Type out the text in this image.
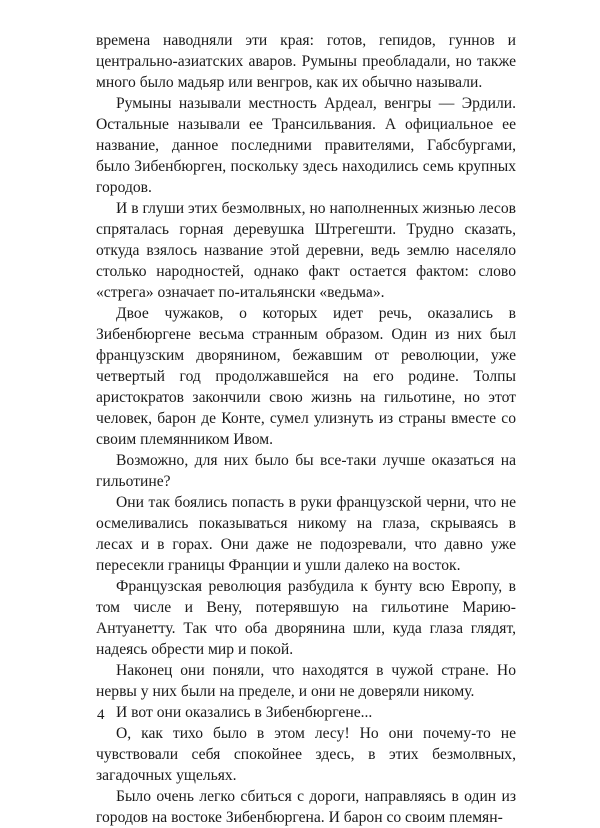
времена наводняли эти края: готов, гепидов, гуннов и центрально-азиатских аваров. Румыны преобладали, но также много было мадьяр или венгров, как их обычно называли.

Румыны называли местность Ардеал, венгры — Эрдили. Остальные называли ее Трансильвания. А официальное ее название, данное последними правителями, Габсбургами, было Зибенбюрген, поскольку здесь находились семь крупных городов.

И в глуши этих безмолвных, но наполненных жизнью лесов спряталась горная деревушка Штрегешти. Трудно сказать, откуда взялось название этой деревни, ведь землю населяло столько народностей, однако факт остается фактом: слово «стрега» означает по-итальянски «ведьма».

Двое чужаков, о которых идет речь, оказались в Зибенбюргене весьма странным образом. Один из них был французским дворянином, бежавшим от революции, уже четвертый год продолжавшейся на его родине. Толпы аристократов закончили свою жизнь на гильотине, но этот человек, барон де Конте, сумел улизнуть из страны вместе со своим племянником Ивом.

Возможно, для них было бы все-таки лучше оказаться на гильотине?

Они так боялись попасть в руки французской черни, что не осмеливались показываться никому на глаза, скрываясь в лесах и в горах. Они даже не подозревали, что давно уже пересекли границы Франции и ушли далеко на восток.

Французская революция разбудила к бунту всю Европу, в том числе и Вену, потерявшую на гильотине Марию-Антуанетту. Так что оба дворянина шли, куда глаза глядят, надеясь обрести мир и покой.

Наконец они поняли, что находятся в чужой стране. Но нервы у них были на пределе, и они не доверяли никому.

И вот они оказались в Зибенбюргене...

О, как тихо было в этом лесу! Но они почему-то не чувствовали себя спокойнее здесь, в этих безмолвных, загадочных ущельях.

Было очень легко сбиться с дороги, направляясь в один из городов на востоке Зибенбюргена. И барон со своим племян-

4
